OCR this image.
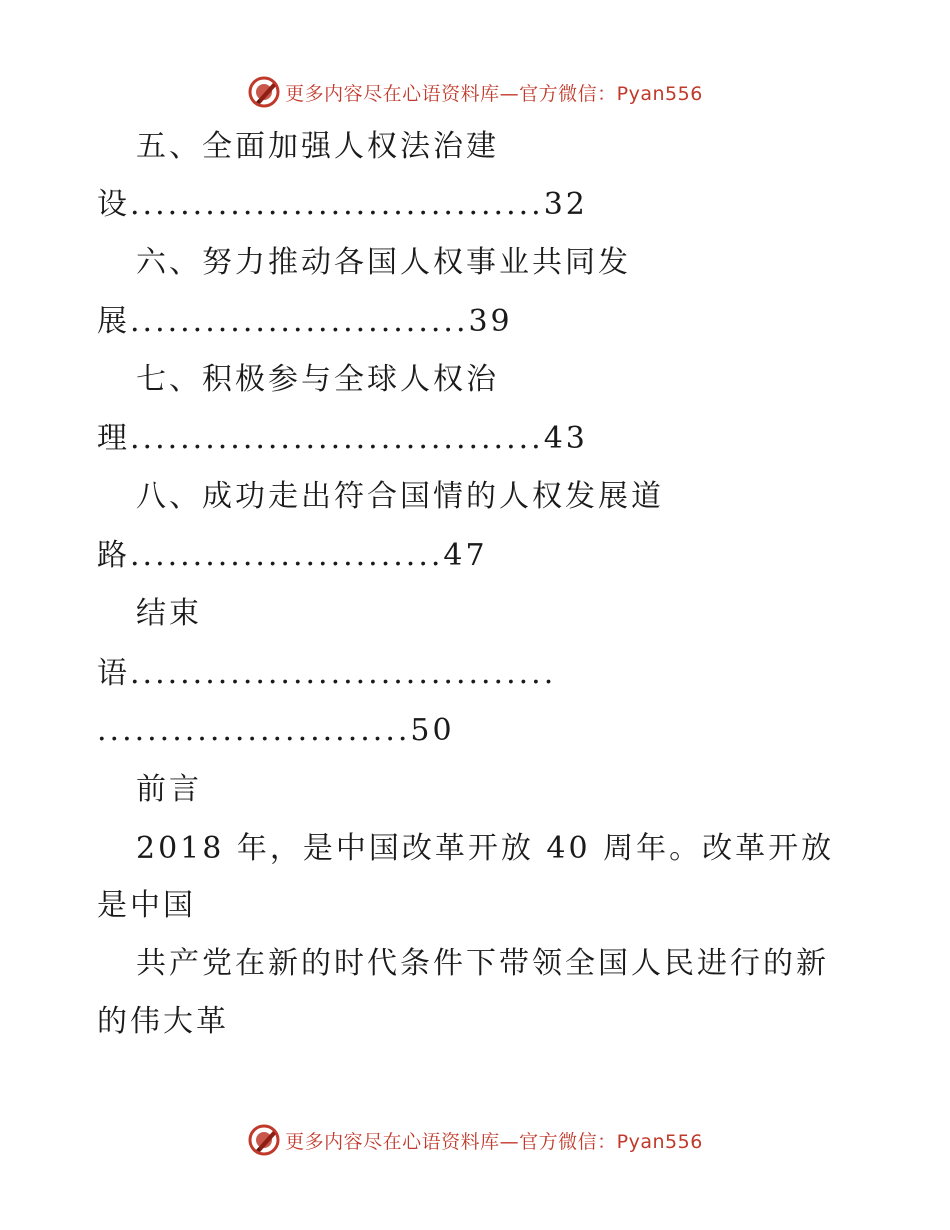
更多内容尽在心语资料库—官方微信：Pyan556
五、全面加强人权法治建
设.................................32
六、努力推动各国人权事业共同发
展...........................39
七、积极参与全球人权治
理.................................43
八、成功走出符合国情的人权发展道
路.........................47
结束
语..................................
.........................50
前言
2018 年，是中国改革开放 40 周年。改革开放
是中国
共产党在新的时代条件下带领全国人民进行的新
的伟大革
更多内容尽在心语资料库—官方微信：Pyan556
